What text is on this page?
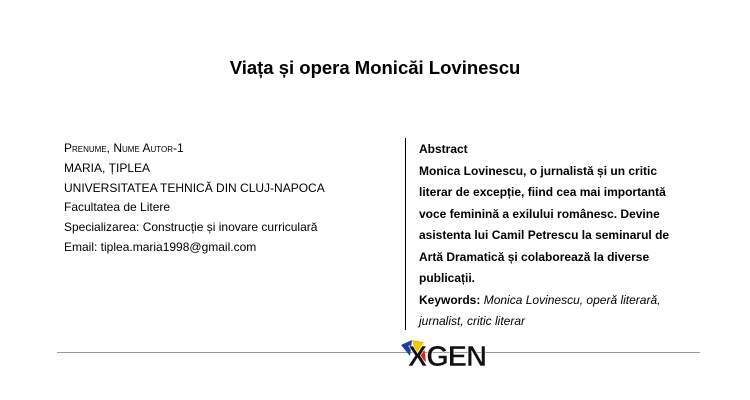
Viața și opera Monicăi Lovinescu
Prenume, Nume Autor-1
MARIA, ȚIPLEA
UNIVERSITATEA TEHNICĂ DIN CLUJ-NAPOCA
Facultatea de Litere
Specializarea: Construcție și inovare curriculară
Email: tiplea.maria1998@gmail.com
Abstract
Monica Lovinescu, o jurnalistă și un critic
literar de excepție, fiind cea mai importantă
voce feminină a exilului românesc. Devine
asistenta lui Camil Petrescu la seminarul de
Artă Dramatică și colaborează la diverse
publicații.
Keywords: Monica Lovinescu, operă literară,
jurnalist, critic literar
XGEN
